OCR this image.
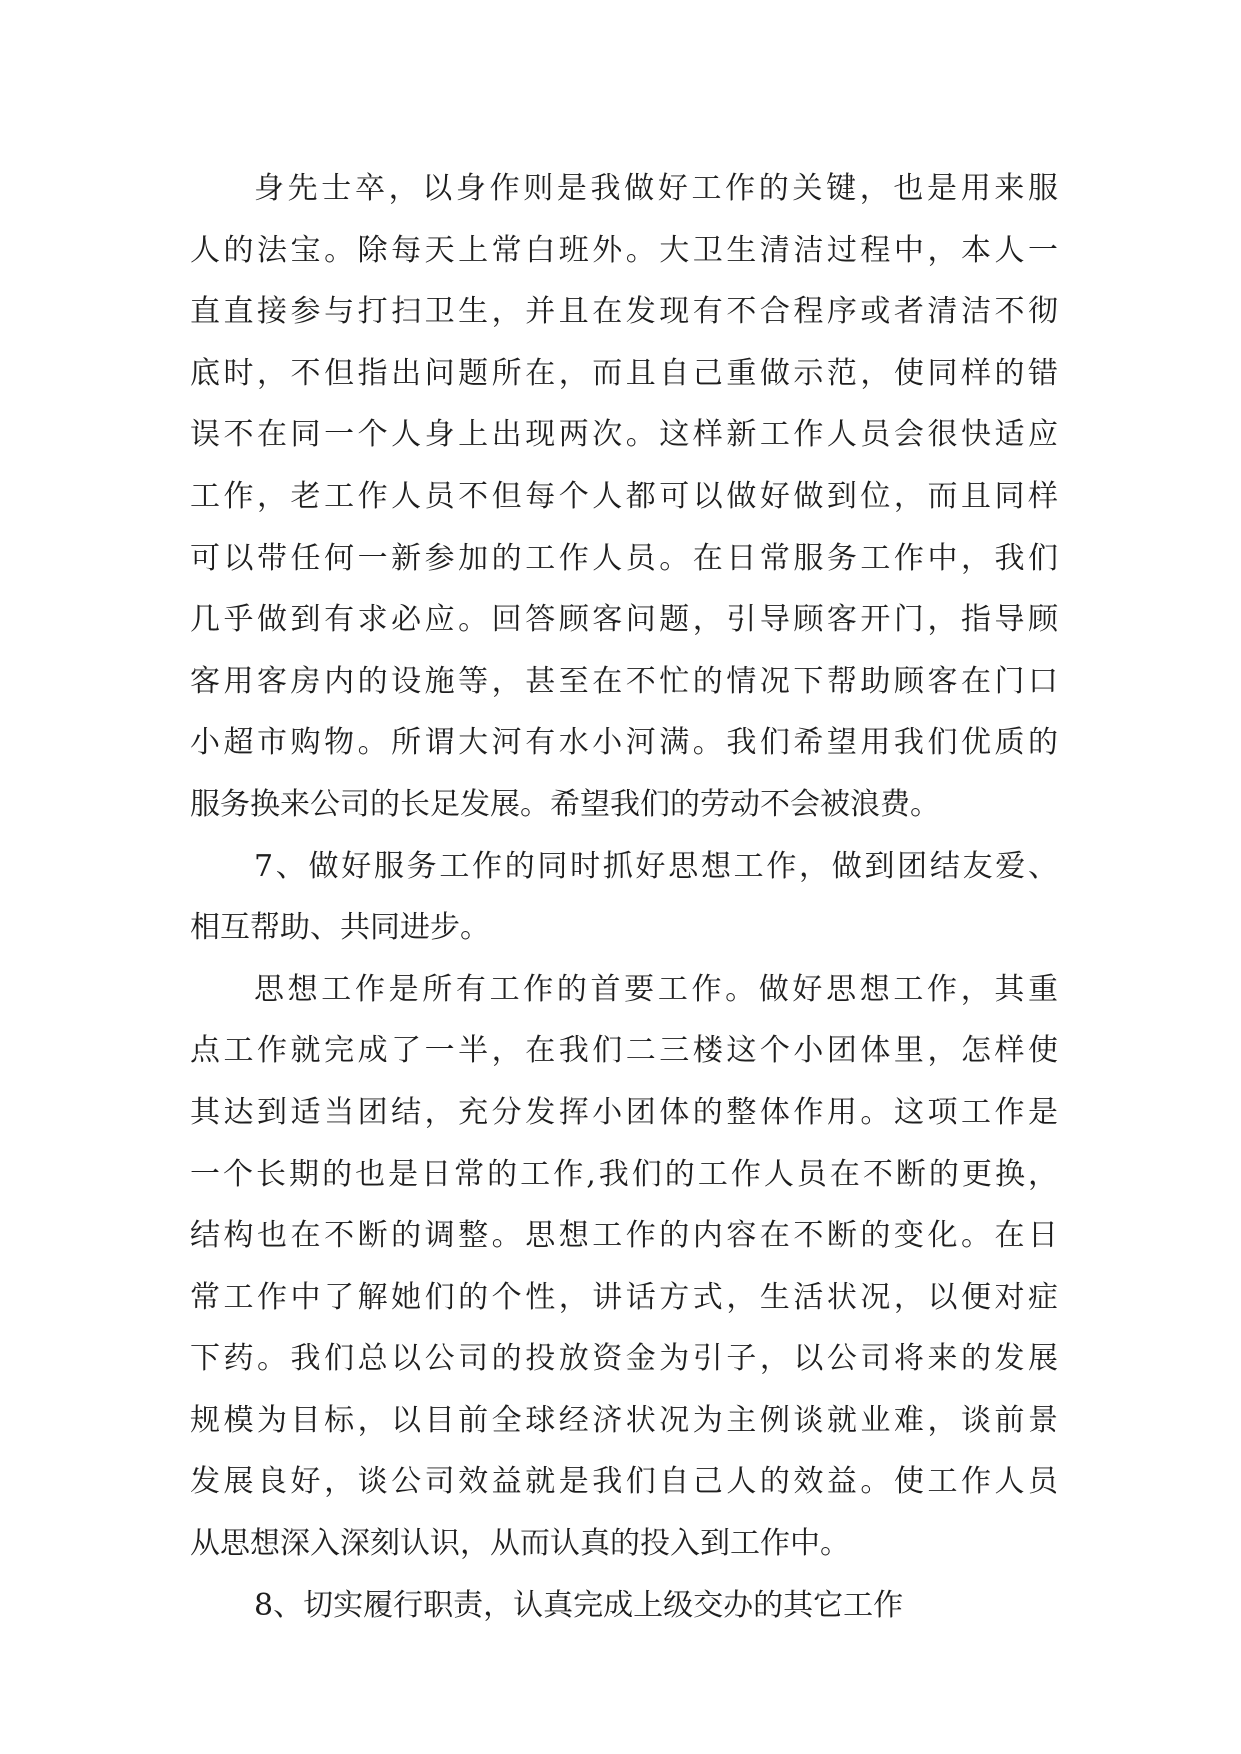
身先士卒，以身作则是我做好工作的关键，也是用来服
人的法宝。除每天上常白班外。大卫生清洁过程中，本人一
直直接参与打扫卫生，并且在发现有不合程序或者清洁不彻
底时，不但指出问题所在，而且自己重做示范，使同样的错
误不在同一个人身上出现两次。这样新工作人员会很快适应
工作，老工作人员不但每个人都可以做好做到位，而且同样
可以带任何一新参加的工作人员。在日常服务工作中，我们
几乎做到有求必应。回答顾客问题，引导顾客开门，指导顾
客用客房内的设施等，甚至在不忙的情况下帮助顾客在门口
小超市购物。所谓大河有水小河满。我们希望用我们优质的
服务换来公司的长足发展。希望我们的劳动不会被浪费。
7、做好服务工作的同时抓好思想工作，做到团结友爱、
相互帮助、共同进步。
思想工作是所有工作的首要工作。做好思想工作，其重
点工作就完成了一半，在我们二三楼这个小团体里，怎样使
其达到适当团结，充分发挥小团体的整体作用。这项工作是
一个长期的也是日常的工作,我们的工作人员在不断的更换，
结构也在不断的调整。思想工作的内容在不断的变化。在日
常工作中了解她们的个性，讲话方式，生活状况，以便对症
下药。我们总以公司的投放资金为引子，以公司将来的发展
规模为目标，以目前全球经济状况为主例谈就业难，谈前景
发展良好，谈公司效益就是我们自己人的效益。使工作人员
从思想深入深刻认识，从而认真的投入到工作中。
8、切实履行职责，认真完成上级交办的其它工作
